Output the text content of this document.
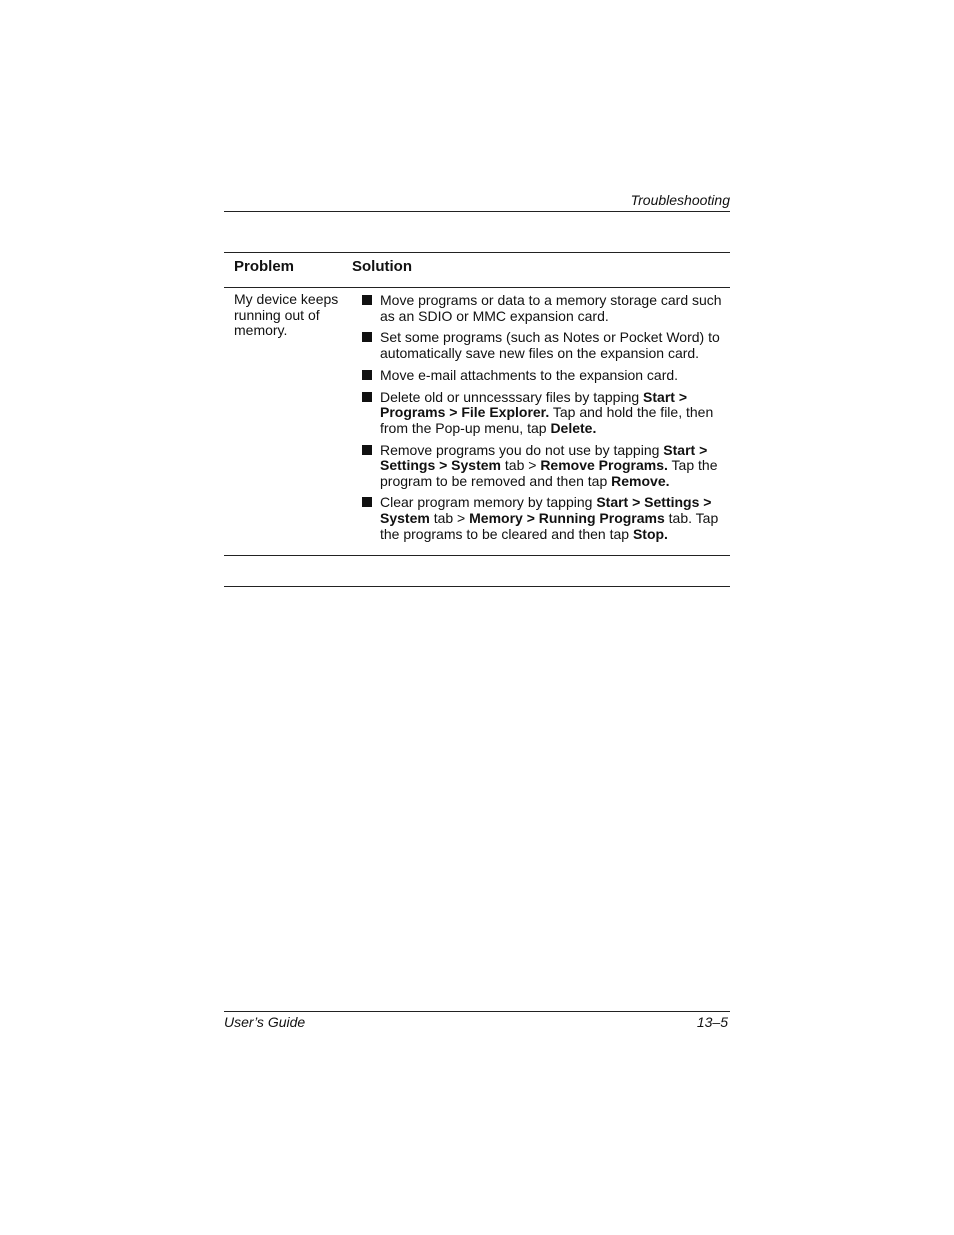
Troubleshooting
Problem	Solution
My device keeps running out of memory.
Move programs or data to a memory storage card such as an SDIO or MMC expansion card.
Set some programs (such as Notes or Pocket Word) to automatically save new files on the expansion card.
Move e-mail attachments to the expansion card.
Delete old or unncesssary files by tapping Start > Programs > File Explorer. Tap and hold the file, then from the Pop-up menu, tap Delete.
Remove programs you do not use by tapping Start > Settings > System tab > Remove Programs. Tap the program to be removed and then tap Remove.
Clear program memory by tapping Start > Settings > System tab > Memory > Running Programs tab. Tap the programs to be cleared and then tap Stop.
User’s Guide	13–5
